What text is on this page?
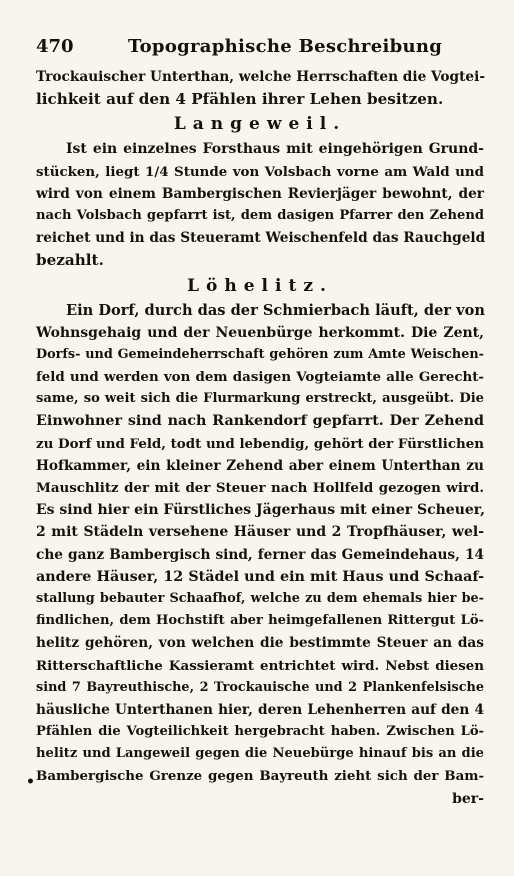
470	Topographische Beschreibung
Trockauischer Unterthan, welche Herrschaften die Vogtei-
lichkeit auf den 4 Pfählen ihrer Lehen besitzen.
Langeweil.
Ist ein einzelnes Forsthaus mit eingehörigen Grund-
stücken, liegt 1/4 Stunde von Volsbach vorne am Wald und
wird von einem Bambergischen Revierjäger bewohnt, der
nach Volsbach gepfarrt ist, dem dasigen Pfarrer den Zehend
reichet und in das Steueramt Weischenfeld das Rauchgeld
bezahlt.
Löhelitz.
Ein Dorf, durch das der Schmierbach läuft, der von
Wohnsgehaig und der Neuenbürge herkommt. Die Zent,
Dorfs- und Gemeindeherrschaft gehören zum Amte Weischen-
feld und werden von dem dasigen Vogteiamte alle Gerecht-
same, so weit sich die Flurmarkung erstreckt, ausgeübt. Die
Einwohner sind nach Rankendorf gepfarrt. Der Zehend
zu Dorf und Feld, todt und lebendig, gehört der Fürstlichen
Hofkammer, ein kleiner Zehend aber einem Unterthan zu
Mauschlitz der mit der Steuer nach Hollfeld gezogen wird.
Es sind hier ein Fürstliches Jägerhaus mit einer Scheuer,
2 mit Städeln versehene Häuser und 2 Tropfhäuser, wel-
che ganz Bambergisch sind, ferner das Gemeindehaus, 14
andere Häuser, 12 Städel und ein mit Haus und Schaaf-
stallung bebauter Schaafhof, welche zu dem ehemals hier be-
findlichen, dem Hochstift aber heimgefallenen Rittergut Lö-
helitz gehören, von welchen die bestimmte Steuer an das
Ritterschaftliche Kassieramt entrichtet wird. Nebst diesen
sind 7 Bayreuthische, 2 Trockauische und 2 Plankenfelsische
häusliche Unterthanen hier, deren Lehenherren auf den 4
Pfählen die Vogteilichkeit hergebracht haben. Zwischen Lö-
helitz und Langeweil gegen die Neuebürge hinauf bis an die
Bambergische Grenze gegen Bayreuth zieht sich der Bam-
ber-
•
